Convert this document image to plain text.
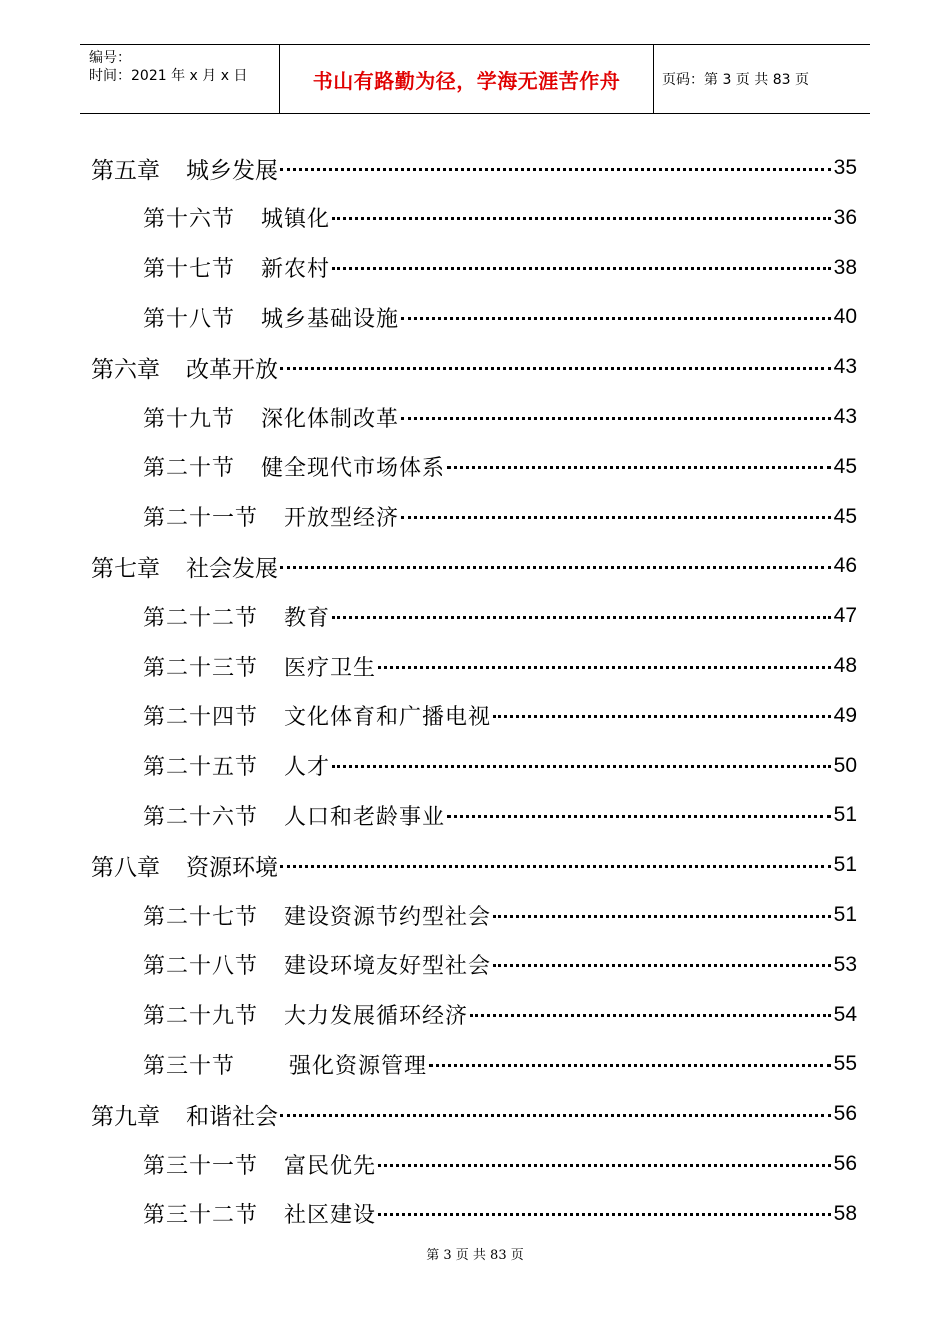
编号：
时间：2021 年 x 月 x 日	书山有路勤为径，学海无涯苦作舟	页码：第 3 页 共 83 页
第五章 城乡发展	35
第十六节 城镇化	36
第十七节 新农村	38
第十八节 城乡基础设施	40
第六章 改革开放	43
第十九节 深化体制改革	43
第二十节 健全现代市场体系	45
第二十一节 开放型经济	45
第七章 社会发展	46
第二十二节 教育	47
第二十三节 医疗卫生	48
第二十四节 文化体育和广播电视	49
第二十五节 人才	50
第二十六节 人口和老龄事业	51
第八章 资源环境	51
第二十七节 建设资源节约型社会	51
第二十八节 建设环境友好型社会	53
第二十九节 大力发展循环经济	54
第三十节 强化资源管理	55
第九章 和谐社会	56
第三十一节 富民优先	56
第三十二节 社区建设	58
第 3 页 共 83 页
